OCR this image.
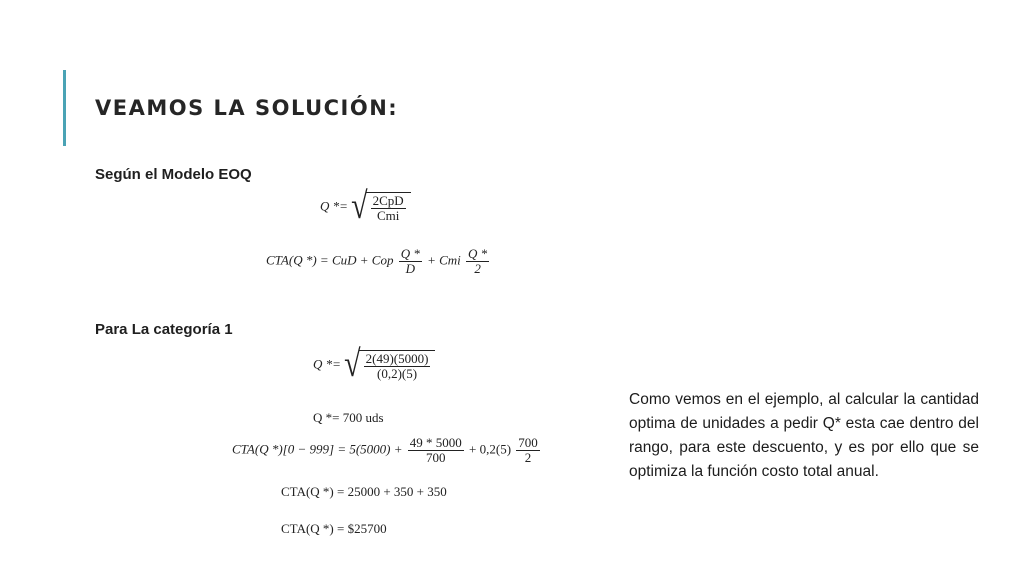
VEAMOS LA SOLUCIÓN:
Según el Modelo EOQ
Q *= √ $\frac{\text{2CpD}}{\text{Cmi}}$
CTA(Q *) = CuD + Cop $\frac{Q *}{D}$ + Cmi $\frac{Q *}{2}$
Para La categoría 1
Q *= √ $\frac{2(49)(5000)}{(0,2)(5)}$
Q *= 700 uds
CTA(Q $*)[0 - 999] = 5(5000) + \frac{49 * 5000}{700} + 0,2(5) \frac{700}{2}$
CTA(Q *) = 25000 + 350 + 350
CTA(Q *) = $25700

Como vemos en el ejemplo, al calcular la cantidad optima de unidades a pedir Q* esta cae dentro del rango, para este descuento, y es por ello que se optimiza la función costo total anual.
